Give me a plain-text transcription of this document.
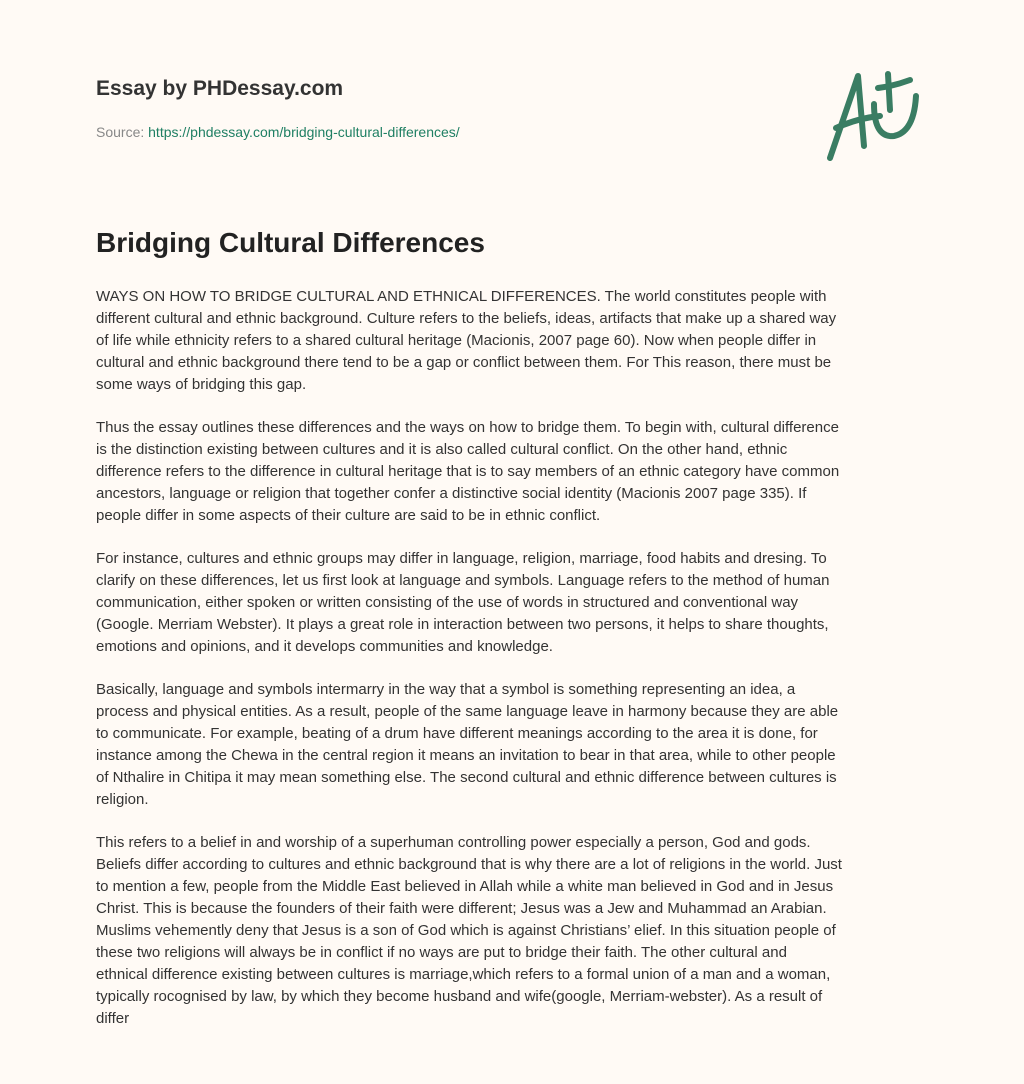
Essay by PHDessay.com
Source: https://phdessay.com/bridging-cultural-differences/
Bridging Cultural Differences

WAYS ON HOW TO BRIDGE CULTURAL AND ETHNICAL DIFFERENCES. The world constitutes people with
different cultural and ethnic background. Culture refers to the beliefs, ideas, artifacts that make up a shared way
of life while ethnicity refers to a shared cultural heritage (Macionis, 2007 page 60). Now when people differ in
cultural and ethnic background there tend to be a gap or conflict between them. For This reason, there must be
some ways of bridging this gap.

Thus the essay outlines these differences and the ways on how to bridge them. To begin with, cultural difference
is the distinction existing between cultures and it is also called cultural conflict. On the other hand, ethnic
difference refers to the difference in cultural heritage that is to say members of an ethnic category have common
ancestors, language or religion that together confer a distinctive social identity (Macionis 2007 page 335). If
people differ in some aspects of their culture are said to be in ethnic conflict.

For instance, cultures and ethnic groups may differ in language, religion, marriage, food habits and dresing. To
clarify on these differences, let us first look at language and symbols. Language refers to the method of human
communication, either spoken or written consisting of the use of words in structured and conventional way
(Google. Merriam Webster). It plays a great role in interaction between two persons, it helps to share thoughts,
emotions and opinions, and it develops communities and knowledge.

Basically, language and symbols intermarry in the way that a symbol is something representing an idea, a
process and physical entities. As a result, people of the same language leave in harmony because they are able
to communicate. For example, beating of a drum have different meanings according to the area it is done, for
instance among the Chewa in the central region it means an invitation to bear in that area, while to other people
of Nthalire in Chitipa it may mean something else. The second cultural and ethnic difference between cultures is
religion.

This refers to a belief in and worship of a superhuman controlling power especially a person, God and gods.
Beliefs differ according to cultures and ethnic background that is why there are a lot of religions in the world. Just
to mention a few, people from the Middle East believed in Allah while a white man believed in God and in Jesus
Christ. This is because the founders of their faith were different; Jesus was a Jew and Muhammad an Arabian.
Muslims vehemently deny that Jesus is a son of God which is against Christians’ elief. In this situation people of
these two religions will always be in conflict if no ways are put to bridge their faith. The other cultural and
ethnical difference existing between cultures is marriage,which refers to a formal union of a man and a woman,
typically rocognised by law, by which they become husband and wife(google, Merriam-webster). As a result of
differ
